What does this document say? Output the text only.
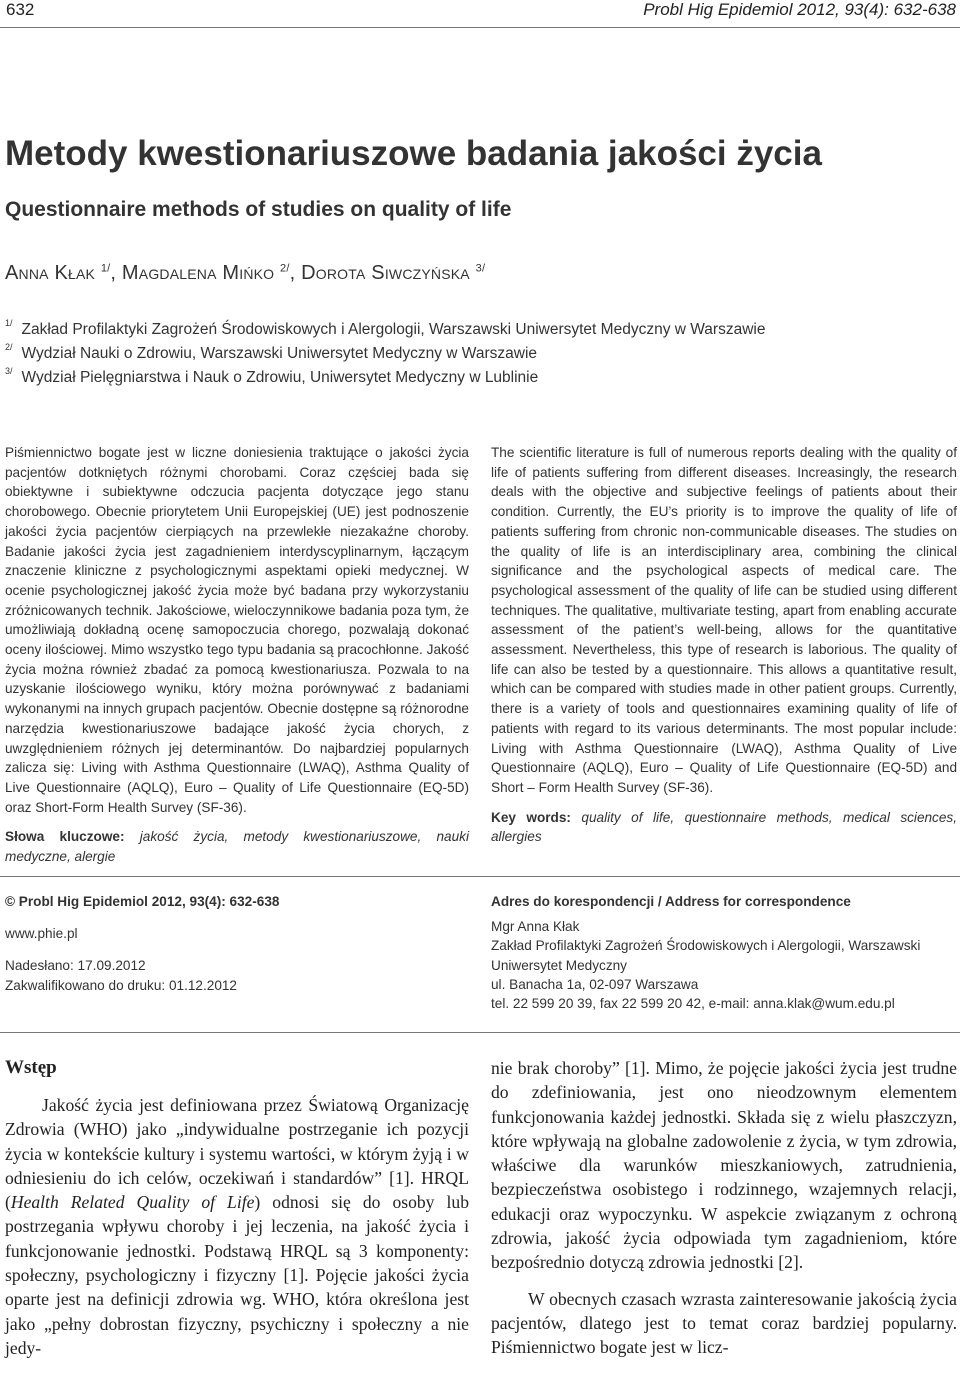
632	Probl Hig Epidemiol 2012, 93(4): 632-638
Metody kwestionariuszowe badania jakości życia
Questionnaire methods of studies on quality of life
Anna Kłak $^{1/}$, Magdalena Mińko $^{2/}$, Dorota Siwczyńska $^{3/}$
$^{1/}$ Zakład Profilaktyki Zagrożeń Środowiskowych i Alergologii, Warszawski Uniwersytet Medyczny w Warszawie
$^{2/}$ Wydział Nauki o Zdrowiu, Warszawski Uniwersytet Medyczny w Warszawie
$^{3/}$ Wydział Pielęgniarstwa i Nauk o Zdrowiu, Uniwersytet Medyczny w Lublinie

Piśmiennictwo bogate jest w liczne doniesienia traktujące o jakości życia pacjentów dotkniętych różnymi chorobami. Coraz częściej bada się obiektywne i subiektywne odczucia pacjenta dotyczące jego stanu chorobowego. Obecnie priorytetem Unii Europejskiej (UE) jest podnoszenie jakości życia pacjentów cierpiących na przewlekłe niezakaźne choroby. Badanie jakości życia jest zagadnieniem interdyscyplinarnym, łączącym znaczenie kliniczne z psychologicznymi aspektami opieki medycznej. W ocenie psychologicznej jakość życia może być badana przy wykorzystaniu zróżnicowanych technik. Jakościowe, wieloczynnikowe badania poza tym, że umożliwiają dokładną ocenę samopoczucia chorego, pozwalają dokonać oceny ilościowej. Mimo wszystko tego typu badania są pracochłonne. Jakość życia można również zbadać za pomocą kwestionariusza. Pozwala to na uzyskanie ilościowego wyniku, który można porównywać z badaniami wykonanymi na innych grupach pacjentów. Obecnie dostępne są różnorodne narzędzia kwestionariuszowe badające jakość życia chorych, z uwzględnieniem różnych jej determinantów. Do najbardziej popularnych zalicza się: Living with Asthma Questionnaire (LWAQ), Asthma Quality of Live Questionnaire (AQLQ), Euro – Quality of Life Questionnaire (EQ-5D) oraz Short-Form Health Survey (SF-36).

Słowa kluczowe: jakość życia, metody kwestionariuszowe, nauki medyczne, alergie

The scientific literature is full of numerous reports dealing with the quality of life of patients suffering from different diseases. Increasingly, the research deals with the objective and subjective feelings of patients about their condition. Currently, the EU’s priority is to improve the quality of life of patients suffering from chronic non-communicable diseases. The studies on the quality of life is an interdisciplinary area, combining the clinical significance and the psychological aspects of medical care. The psychological assessment of the quality of life can be studied using different techniques. The qualitative, multivariate testing, apart from enabling accurate assessment of the patient’s well-being, allows for the quantitative assessment. Nevertheless, this type of research is laborious. The quality of life can also be tested by a questionnaire. This allows a quantitative result, which can be compared with studies made in other patient groups. Currently, there is a variety of tools and questionnaires examining quality of life of patients with regard to its various determinants. The most popular include: Living with Asthma Questionnaire (LWAQ), Asthma Quality of Live Questionnaire (AQLQ), Euro – Quality of Life Questionnaire (EQ-5D) and Short – Form Health Survey (SF-36).

Key words: quality of life, questionnaire methods, medical sciences, allergies

© Probl Hig Epidemiol 2012, 93(4): 632-638

www.phie.pl

Nadesłano: 17.09.2012

Zakwalifikowano do druku: 01.12.2012

Adres do korespondencji / Address for correspondence

Mgr Anna Kłak

Zakład Profilaktyki Zagrożeń Środowiskowych i Alergologii, Warszawski

Uniwersytet Medyczny

ul. Banacha 1a, 02-097 Warszawa

tel. 22 599 20 39, fax 22 599 20 42, e-mail: anna.klak@wum.edu.pl

Wstęp

Jakość życia jest definiowana przez Światową Organizację Zdrowia (WHO) jako „indywidualne postrzeganie ich pozycji życia w kontekście kultury i systemu wartości, w którym żyją i w odniesieniu do ich celów, oczekiwań i standardów” [1]. HRQL (Health Related Quality of Life) odnosi się do osoby lub postrzegania wpływu choroby i jej leczenia, na jakość życia i funkcjonowanie jednostki. Podstawą HRQL są 3 komponenty: społeczny, psychologiczny i fizyczny [1]. Pojęcie jakości życia oparte jest na definicji zdrowia wg. WHO, która określona jest jako „pełny dobrostan fizyczny, psychiczny i społeczny a nie jedy-

nie brak choroby” [1]. Mimo, że pojęcie jakości życia jest trudne do zdefiniowania, jest ono nieodzownym elementem funkcjonowania każdej jednostki. Składa się z wielu płaszczyzn, które wpływają na globalne zadowolenie z życia, w tym zdrowia, właściwe dla warunków mieszkaniowych, zatrudnienia, bezpieczeństwa osobistego i rodzinnego, wzajemnych relacji, edukacji oraz wypoczynku. W aspekcie związanym z ochroną zdrowia, jakość życia odpowiada tym zagadnieniom, które bezpośrednio dotyczą zdrowia jednostki [2].

W obecnych czasach wzrasta zainteresowanie jakością życia pacjentów, dlatego jest to temat coraz bardziej popularny. Piśmiennictwo bogate jest w licz-
